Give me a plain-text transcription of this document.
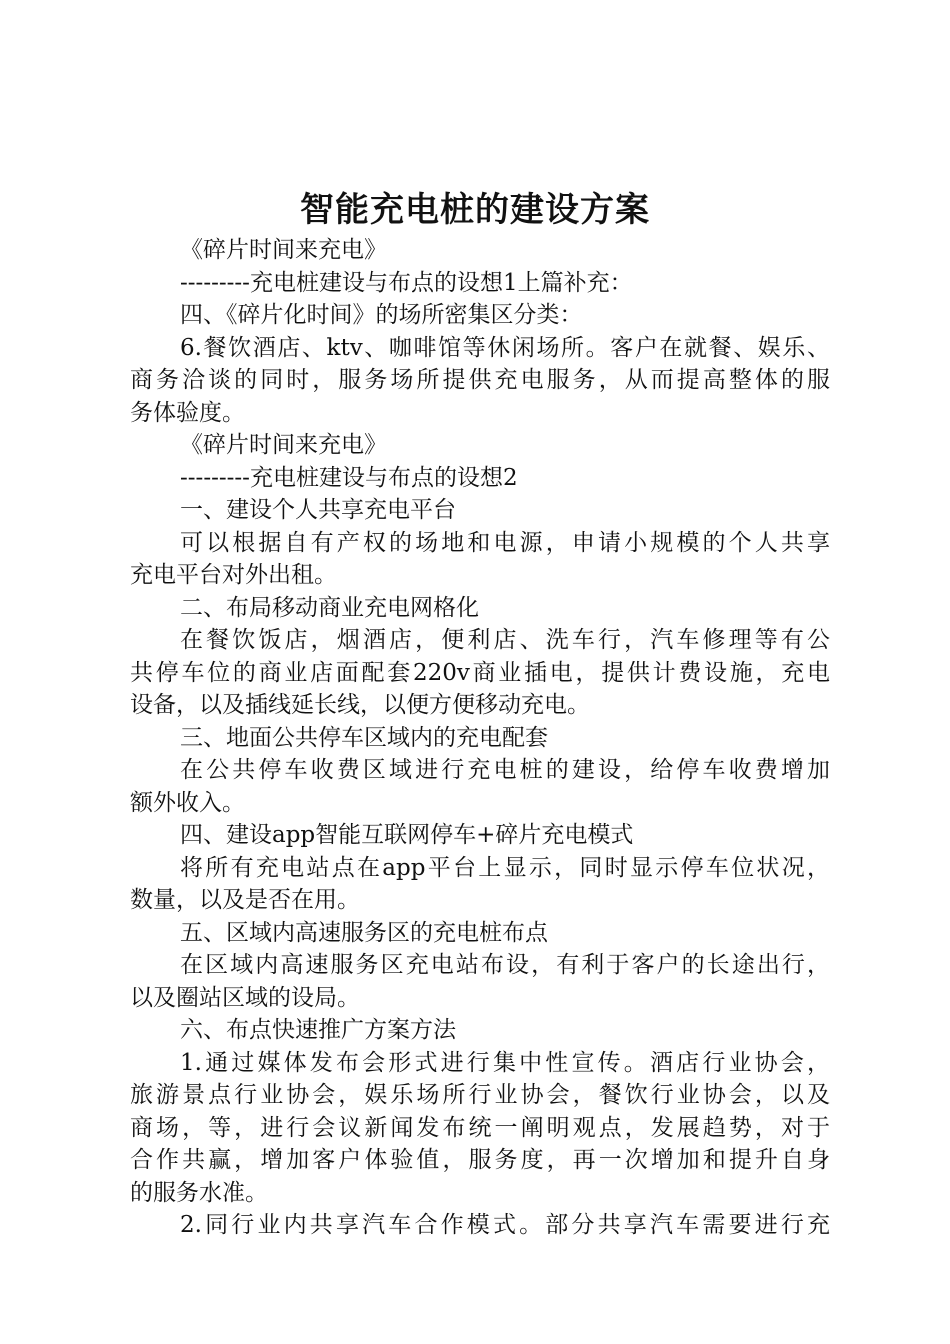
智能充电桩的建设方案
《碎片时间来充电》
---------充电桩建设与布点的设想1上篇补充：
四、《碎片化时间》的场所密集区分类：
6.餐饮酒店、ktv、咖啡馆等休闲场所。客户在就餐、娱乐、
商务洽谈的同时，服务场所提供充电服务，从而提高整体的服
务体验度。
《碎片时间来充电》
---------充电桩建设与布点的设想2
一、建设个人共享充电平台
可以根据自有产权的场地和电源，申请小规模的个人共享
充电平台对外出租。
二、布局移动商业充电网格化
在餐饮饭店，烟酒店，便利店、洗车行，汽车修理等有公
共停车位的商业店面配套220v商业插电，提供计费设施，充电
设备，以及插线延长线，以便方便移动充电。
三、地面公共停车区域内的充电配套
在公共停车收费区域进行充电桩的建设，给停车收费增加
额外收入。
四、建设app智能互联网停车+碎片充电模式
将所有充电站点在app平台上显示，同时显示停车位状况，
数量，以及是否在用。
五、区域内高速服务区的充电桩布点
在区域内高速服务区充电站布设，有利于客户的长途出行，
以及圈站区域的设局。
六、布点快速推广方案方法
1.通过媒体发布会形式进行集中性宣传。酒店行业协会，
旅游景点行业协会，娱乐场所行业协会，餐饮行业协会，以及
商场，等，进行会议新闻发布统一阐明观点，发展趋势，对于
合作共赢，增加客户体验值，服务度，再一次增加和提升自身
的服务水准。
2.同行业内共享汽车合作模式。部分共享汽车需要进行充
